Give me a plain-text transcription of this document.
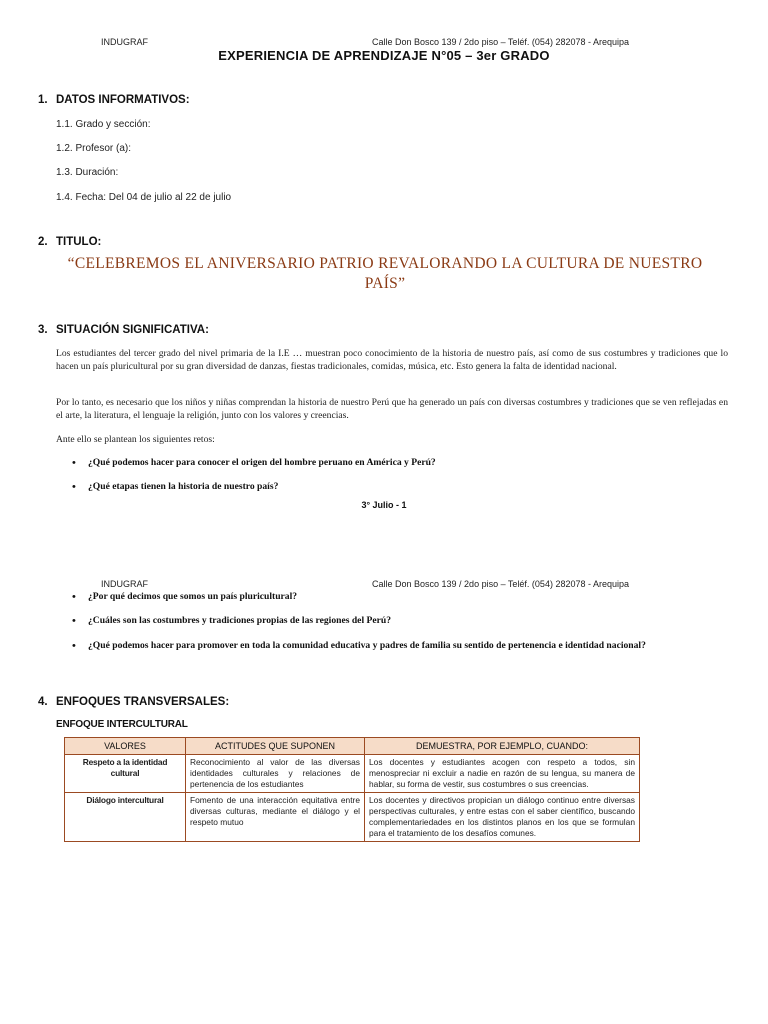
INDUGRAF	Calle Don Bosco 139 / 2do piso – Teléf. (054) 282078 - Arequipa
EXPERIENCIA DE APRENDIZAJE N°05 – 3er GRADO
1. DATOS INFORMATIVOS:
1.1. Grado y sección:
1.2. Profesor (a):
1.3. Duración:
1.4. Fecha: Del 04 de julio al 22 de julio
2. TITULO:
“CELEBREMOS EL ANIVERSARIO PATRIO REVALORANDO LA CULTURA DE NUESTRO PAÍS”
3. SITUACIÓN SIGNIFICATIVA:
Los estudiantes del tercer grado del nivel primaria de la I.E … muestran poco conocimiento de la historia de nuestro país, así como de sus costumbres y tradiciones que lo hacen un país pluricultural por su gran diversidad de danzas, fiestas tradicionales, comidas, música, etc. Esto genera la falta de identidad nacional.
Por lo tanto, es necesario que los niños y niñas comprendan la historia de nuestro Perú que ha generado un país con diversas costumbres y tradiciones que se ven reflejadas en el arte, la literatura, el lenguaje la religión, junto con los valores y creencias.
Ante ello se plantean los siguientes retos:
• ¿Qué podemos hacer para conocer el origen del hombre peruano en América y Perú?
• ¿Qué etapas tienen la historia de nuestro país?
3° Julio - 1
INDUGRAF	Calle Don Bosco 139 / 2do piso – Teléf. (054) 282078 - Arequipa
• ¿Por qué decimos que somos un país pluricultural?
• ¿Cuáles son las costumbres y tradiciones propias de las regiones del Perú?
• ¿Qué podemos hacer para promover en toda la comunidad educativa y padres de familia su sentido de pertenencia e identidad nacional?
4. ENFOQUES TRANSVERSALES:
ENFOQUE INTERCULTURAL
VALORES	ACTITUDES QUE SUPONEN	DEMUESTRA, POR EJEMPLO, CUANDO:
Respeto a la identidad cultural	Reconocimiento al valor de las diversas identidades culturales y relaciones de pertenencia de los estudiantes	Los docentes y estudiantes acogen con respeto a todos, sin menospreciar ni excluir a nadie en razón de su lengua, su manera de hablar, su forma de vestir, sus costumbres o sus creencias.
Diálogo intercultural	Fomento de una interacción equitativa entre diversas culturas, mediante el diálogo y el respeto mutuo	Los docentes y directivos propician un diálogo continuo entre diversas perspectivas culturales, y entre estas con el saber científico, buscando complementariedades en los distintos planos en los que se formulan para el tratamiento de los desafíos comunes.
